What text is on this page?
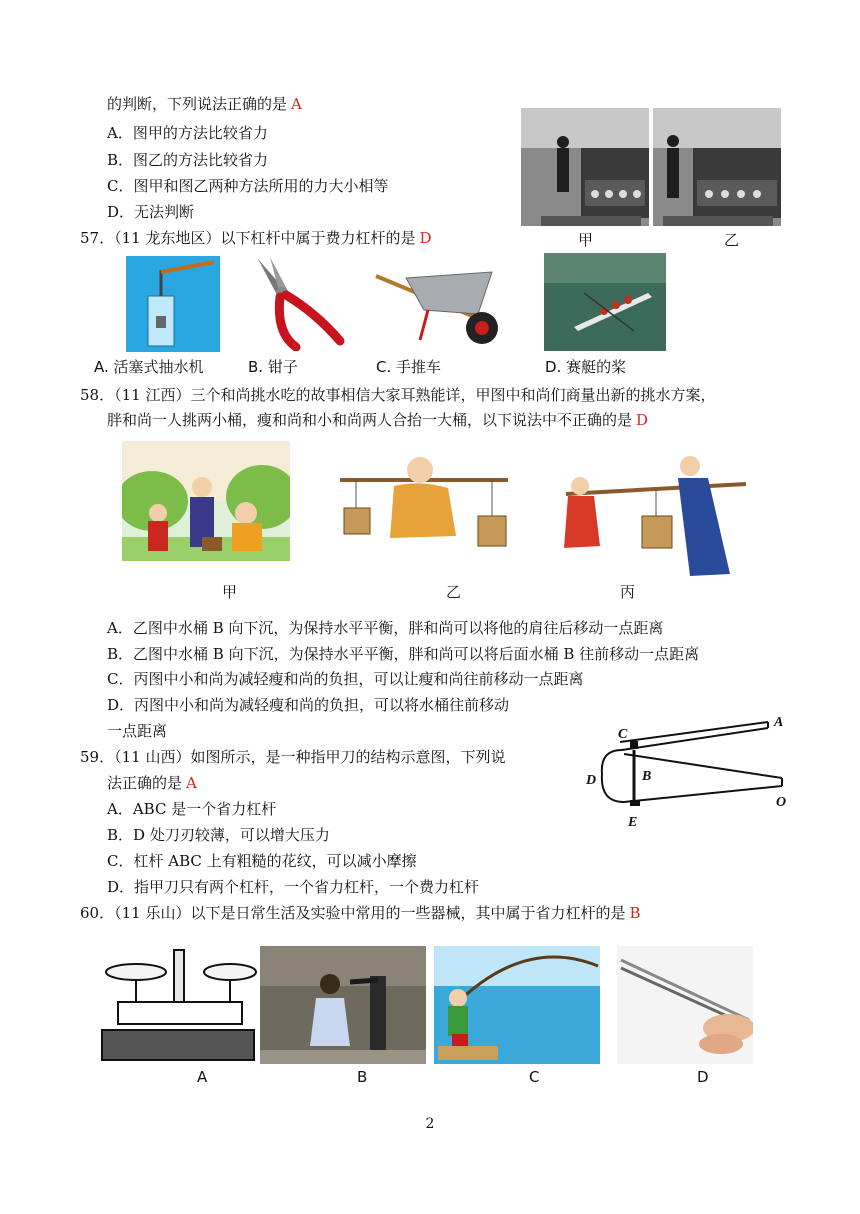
的判断，下列说法正确的是 A
A．图甲的方法比较省力
B．图乙的方法比较省力
C．图甲和图乙两种方法所用的力大小相等
D．无法判断
甲	乙
57．（11 龙东地区）以下杠杆中属于费力杠杆的是 D
A. 活塞式抽水机	B. 钳子	C. 手推车	D. 赛艇的桨
58．（11 江西）三个和尚挑水吃的故事相信大家耳熟能详，甲图中和尚们商量出新的挑水方案，
胖和尚一人挑两小桶，瘦和尚和小和尚两人合抬一大桶，以下说法中不正确的是 D
甲	乙	丙
A．乙图中水桶 B 向下沉，为保持水平平衡，胖和尚可以将他的肩往后移动一点距离
B．乙图中水桶 B 向下沉，为保持水平平衡，胖和尚可以将后面水桶 B 往前移动一点距离
C．丙图中小和尚为减轻瘦和尚的负担，可以让瘦和尚往前移动一点距离
D．丙图中小和尚为减轻瘦和尚的负担，可以将水桶往前移动
一点距离
59．（11 山西）如图所示，是一种指甲刀的结构示意图，下列说
法正确的是 A
A．ABC 是一个省力杠杆
B．D 处刀刃较薄，可以增大压力
C．杠杆 ABC 上有粗糙的花纹，可以减小摩擦
D．指甲刀只有两个杠杆，一个省力杠杆，一个费力杠杆
A
B
C
D
E
O
60．（11 乐山）以下是日常生活及实验中常用的一些器械，其中属于省力杠杆的是 B
A	B	C	D
2
